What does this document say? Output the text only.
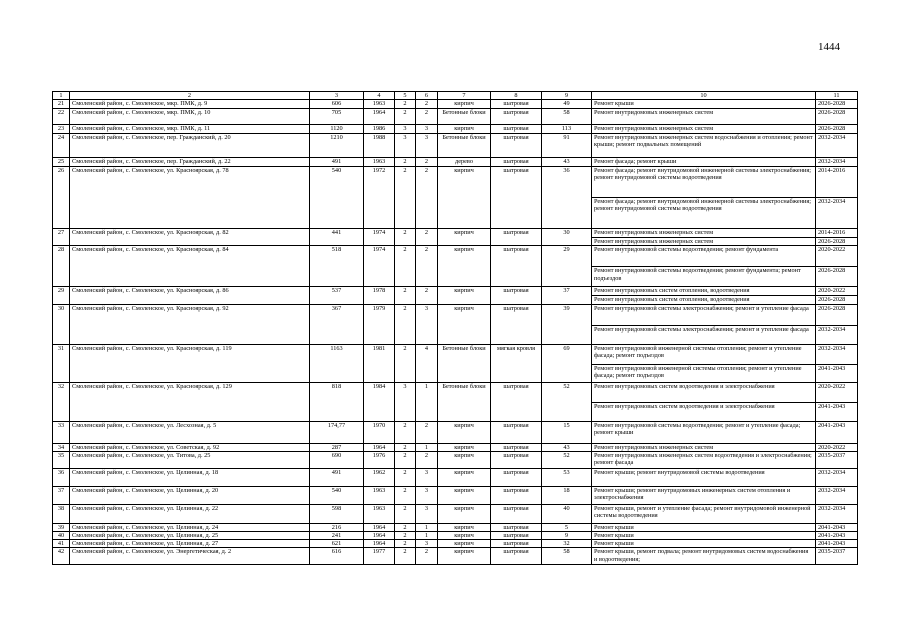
1444
1	2	3	4	5	6	7	8	9	10	11
21	Смоленский район, с. Смоленское, мкр. ПМК, д. 9	606	1963	2	2	кирпич	шатровая	49	Ремонт крыши	2026-2028
22	Смоленский район, с. Смоленское, мкр. ПМК, д. 10	705	1964	2	2	Бетонные блоки	шатровая	58	Ремонт внутридомовых инженерных систем	2026-2028
23	Смоленский район, с. Смоленское, мкр. ПМК, д. 11	1120	1986	3	3	кирпич	шатровая	113	Ремонт внутридомовых инженерных систем	2026-2028
24	Смоленский район, с. Смоленское, пер. Гражданский, д. 20	1210	1988	3	3	Бетонные блоки	шатровая	91	Ремонт внутридомовых инженерных систем водоснабжения и отопления; ремонт крыши; ремонт подвальных помещений	2032-2034
25	Смоленский район, с. Смоленское, пер. Гражданский, д. 22	491	1963	2	2	дерево	шатровая	43	Ремонт фасада; ремонт крыши	2032-2034
26	Смоленский район, с. Смоленское, ул. Красноярская, д. 78	540	1972	2	2	кирпич	шатровая	36	Ремонт фасада; ремонт внутридомовой инженерной системы электроснабжения; ремонт внутридомовой системы водоотведения	2014-2016
									Ремонт фасада; ремонт внутридомовой инженерной системы электроснабжения; ремонт внутридомовой системы водоотведения	2032-2034
27	Смоленский район, с. Смоленское, ул. Красноярская, д. 82	441	1974	2	2	кирпич	шатровая	30	Ремонт внутридомовых инженерных систем	2014-2016
									Ремонт внутридомовых инженерных систем	2026-2028
28	Смоленский район, с. Смоленское, ул. Красноярская, д. 84	518	1974	2	2	кирпич	шатровая	29	Ремонт внутридомовой системы водоотведения; ремонт фундамента	2020-2022
									Ремонт внутридомовой системы водоотведения; ремонт фундамента; ремонт подъездов	2026-2028
29	Смоленский район, с. Смоленское, ул. Красноярская, д. 86	537	1978	2	2	кирпич	шатровая	37	Ремонт внутридомовых систем отопления, водоотведения	2020-2022
									Ремонт внутридомовых систем отопления, водоотведения	2026-2028
30	Смоленский район, с. Смоленское, ул. Красноярская, д. 92	367	1979	2	3	кирпич	шатровая	39	Ремонт внутридомовой системы электроснабжения; ремонт и утепление фасада	2026-2028
									Ремонт внутридомовой системы электроснабжения; ремонт и утепление фасада	2032-2034
31	Смоленский район, с. Смоленское, ул. Красноярская, д. 119	1163	1981	2	4	Бетонные блоки	мягкая кровля	69	Ремонт внутридомовой инженерной системы отопления; ремонт и утепление фасада; ремонт подъездов	2032-2034
									Ремонт внутридомовой инженерной системы отопления; ремонт и утепление фасада; ремонт подъездов	2041-2043
32	Смоленский район, с. Смоленское, ул. Красноярская, д. 129	818	1984	3	1	Бетонные блоки	шатровая	52	Ремонт внутридомовых систем водоотведения и электроснабжения	2020-2022
									Ремонт внутридомовых систем водоотведения и электроснабжения	2041-2043
33	Смоленский район, с. Смоленское, ул. Лесхозная, д. 5	174,77	1970	2	2	кирпич	шатровая	15	Ремонт внутридомовой системы водоотведения; ремонт и утепление фасада; ремонт крыши	2041-2043
34	Смоленский район, с. Смоленское, ул. Советская, д. 92	287	1964	2	1	кирпич	шатровая	43	Ремонт внутридомовых инженерных систем	2020-2022
35	Смоленский район, с. Смоленское, ул. Титова, д. 25	690	1976	2	2	кирпич	шатровая	52	Ремонт внутридомовых инженерных систем водоотведения и электроснабжения; ремонт фасада	2035-2037
36	Смоленский район, с. Смоленское, ул. Целинная, д. 18	491	1962	2	3	кирпич	шатровая	53	Ремонт крыши; ремонт внутридомовой системы водоотведения	2032-2034
37	Смоленский район, с. Смоленское, ул. Целинная, д. 20	540	1963	2	3	кирпич	шатровая	18	Ремонт крыши; ремонт внутридомовых инженерных систем отопления и электроснабжения	2032-2034
38	Смоленский район, с. Смоленское, ул. Целинная, д. 22	598	1963	2	3	кирпич	шатровая	40	Ремонт крыши, ремонт и утепление фасада; ремонт внутридомовой инженерной системы водоотведения	2032-2034
39	Смоленский район, с. Смоленское, ул. Целинная, д. 24	216	1964	2	1	кирпич	шатровая	5	Ремонт крыши	2041-2043
40	Смоленский район, с. Смоленское, ул. Целинная, д. 25	241	1964	2	1	кирпич	шатровая	9	Ремонт крыши	2041-2043
41	Смоленский район, с. Смоленское, ул. Целинная, д. 27	621	1964	2	3	кирпич	шатровая	32	Ремонт крыши	2041-2043
42	Смоленский район, с. Смоленское, ул. Энергетическая, д. 2	616	1977	2	2	кирпич	шатровая	58	Ремонт крыши, ремонт подвала; ремонт внутридомовых систем водоснабжения и водоотведения;	2035-2037
